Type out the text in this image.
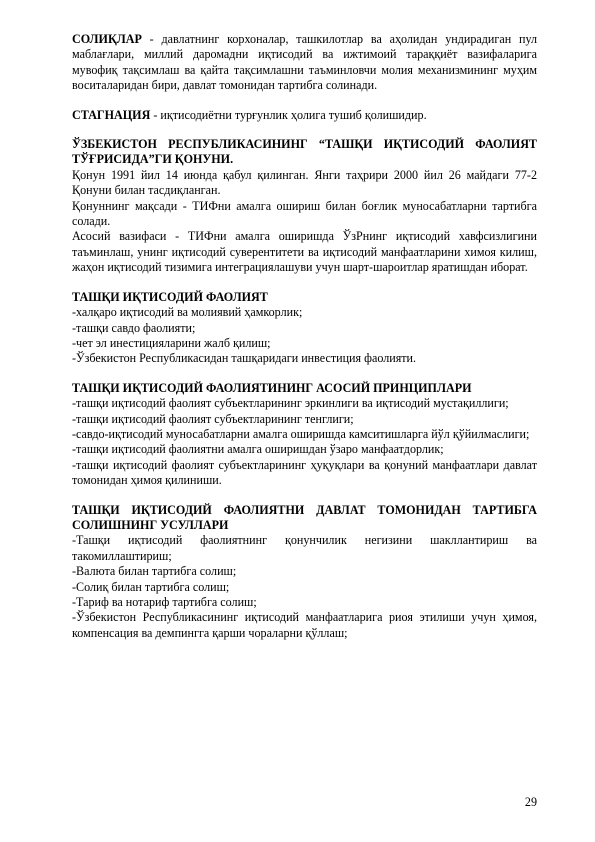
СОЛИҚЛАР - давлатнинг корхоналар, ташкилотлар ва аҳолидан ундирадиган пул маблағлари, миллий даромадни иқтисодий ва ижтимоий тараққиёт вазифаларига мувофиқ тақсимлаш ва қайта тақсимлашни таъминловчи молия механизмининг муҳим воситаларидан бири, давлат томонидан тартибга солинади.

СТАГНАЦИЯ - иқтисодиётни турғунлик ҳолига тушиб қолишидир.

ЎЗБЕКИСТОН РЕСПУБЛИКАСИНИНГ “ТАШҚИ ИҚТИСОДИЙ ФАОЛИЯТ ТЎҒРИСИДА”ГИ ҚОНУНИ.

Қонун 1991 йил 14 июнда қабул қилинган. Янги таҳрири 2000 йил 26 майдаги 77-2 Қонуни билан тасдиқланган.

Қонуннинг мақсади - ТИФни амалга ошириш билан боғлик муносабатларни тартибга солади.

Асосий вазифаси - ТИФни амалга оширишда ЎзРнинг иқтисодий хавфсизлигини таъминлаш, унинг иқтисодий суверентитети ва иқтисодий манфаатларини химоя килиш, жаҳон иқтисодий тизимига интеграциялашуви учун шарт-шароитлар яратишдан иборат.

ТАШҚИ ИҚТИСОДИЙ ФАОЛИЯТ

-халқаро иқтисодий ва молиявий ҳамкорлик;

-ташқи савдо фаолияти;

-чет эл инестицияларини жалб қилиш;

-Ўзбекистон Республикасидан ташқаридаги инвестиция фаолияти.

ТАШҚИ ИҚТИСОДИЙ ФАОЛИЯТИНИНГ АСОСИЙ ПРИНЦИПЛАРИ

-ташқи иқтисодий фаолият субъектларининг эркинлиги ва иқтисодий мустақиллиги;

-ташқи иқтисодий фаолият субъектларининг тенглиги;

-савдо-иқтисодий муносабатларни амалга оширишда камситишларга йўл қўйилмаслиги;

-ташқи иқтисодий фаолиятни амалга оширишдан ўзаро манфаатдорлик;

-ташқи иқтисодий фаолият субъектларининг ҳуқуқлари ва қонуний манфаатлари давлат томонидан ҳимоя қилиниши.

ТАШҚИ ИҚТИСОДИЙ ФАОЛИЯТНИ ДАВЛАТ ТОМОНИДАН ТАРТИБГА СОЛИШНИНГ УСУЛЛАРИ

-Ташқи иқтисодий фаолиятнинг қонунчилик негизини шакллантириш ва такомиллаштириш;

-Валюта билан тартибга солиш;

-Солиқ билан тартибга солиш;

-Тариф ва нотариф тартибга солиш;

-Ўзбекистон Республикасининг иқтисодий манфаатларига риоя этилиши учун ҳимоя, компенсация ва демпингга қарши чораларни қўллаш;

29
